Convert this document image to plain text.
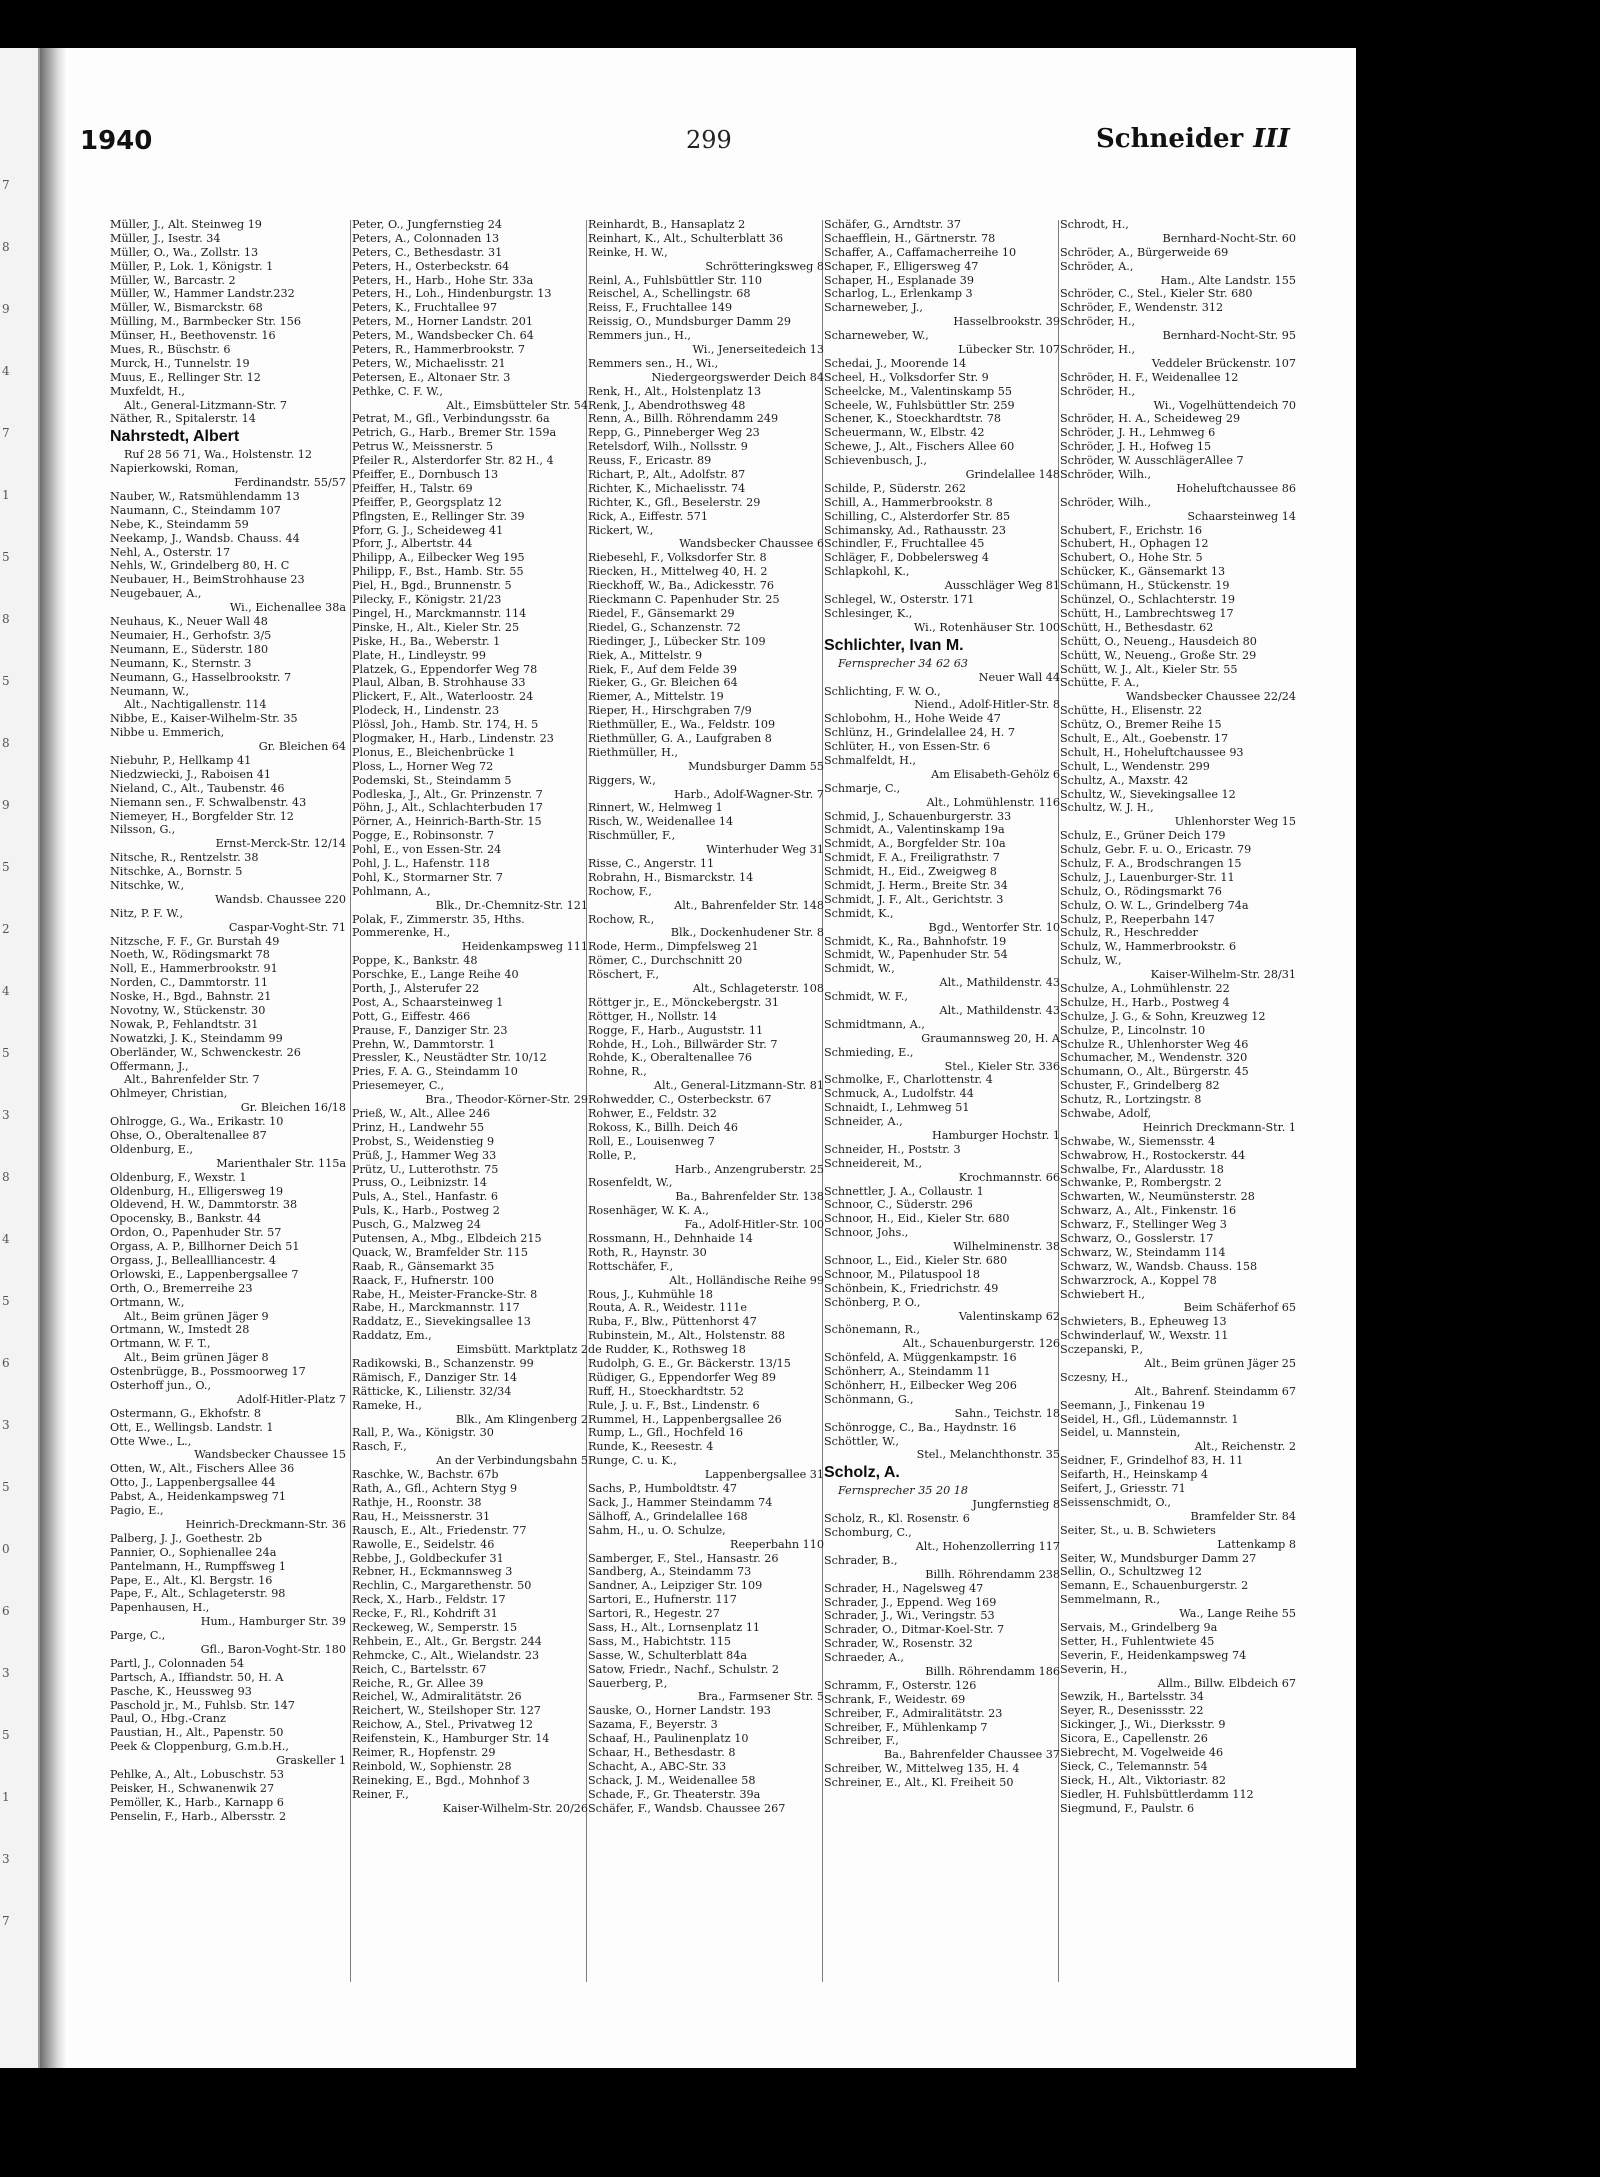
7
8
9
4
7
1
5
8
5
8
9
5
2
4
5
3
8
4
5
6
3
5
0
6
3
5
1
3
7
1940	299	Schneider III
Müller, J., Alt. Steinweg 19
Müller, J., Isestr. 34
Müller, O., Wa., Zollstr. 13
Müller, P., Lok. 1, Königstr. 1
Müller, W., Barcastr. 2
Müller, W., Hammer Landstr.232
Müller, W., Bismarckstr. 68
Mülling, M., Barmbecker Str. 156
Münser, H., Beethovenstr. 16
Mues, R., Büschstr. 6
Murck, H., Tunnelstr. 19
Muus, E., Rellinger Str. 12
Muxfeldt, H.,
Alt., General-Litzmann-Str. 7
Näther, R., Spitalerstr. 14
Nahrstedt, Albert
Ruf 28 56 71, Wa., Holstenstr. 12
Napierkowski, Roman,
Ferdinandstr. 55/57
Nauber, W., Ratsmühlendamm 13
Naumann, C., Steindamm 107
Nebe, K., Steindamm 59
Neekamp, J., Wandsb. Chauss. 44
Nehl, A., Osterstr. 17
Nehls, W., Grindelberg 80, H. C
Neubauer, H., BeimStrohhause 23
Neugebauer, A.,
Wi., Eichenallee 38a
Neuhaus, K., Neuer Wall 48
Neumaier, H., Gerhofstr. 3/5
Neumann, E., Süderstr. 180
Neumann, K., Sternstr. 3
Neumann, G., Hasselbrookstr. 7
Neumann, W.,
Alt., Nachtigallenstr. 114
Nibbe, E., Kaiser-Wilhelm-Str. 35
Nibbe u. Emmerich,
Gr. Bleichen 64
Niebuhr, P., Hellkamp 41
Niedzwiecki, J., Raboisen 41
Nieland, C., Alt., Taubenstr. 46
Niemann sen., F. Schwalbenstr. 43
Niemeyer, H., Borgfelder Str. 12
Nilsson, G.,
Ernst-Merck-Str. 12/14
Nitsche, R., Rentzelstr. 38
Nitschke, A., Bornstr. 5
Nitschke, W.,
Wandsb. Chaussee 220
Nitz, P. F. W.,
Caspar-Voght-Str. 71
Nitzsche, F. F., Gr. Burstah 49
Noeth, W., Rödingsmarkt 78
Noll, E., Hammerbrookstr. 91
Norden, C., Dammtorstr. 11
Noske, H., Bgd., Bahnstr. 21
Novotny, W., Stückenstr. 30
Nowak, P., Fehlandtstr. 31
Nowatzki, J. K., Steindamm 99
Oberländer, W., Schwenckestr. 26
Offermann, J.,
Alt., Bahrenfelder Str. 7
Ohlmeyer, Christian,
Gr. Bleichen 16/18
Ohlrogge, G., Wa., Erikastr. 10
Ohse, O., Oberaltenallee 87
Oldenburg, E.,
Marienthaler Str. 115a
Oldenburg, F., Wexstr. 1
Oldenburg, H., Elligersweg 19
Oldevend, H. W., Dammtorstr. 38
Opocensky, B., Bankstr. 44
Ordon, O., Papenhuder Str. 57
Orgass, A. P., Billhorner Deich 51
Orgass, J., Belleallliancestr. 4
Orlowski, E., Lappenbergsallee 7
Orth, O., Bremerreihe 23
Ortmann, W.,
Alt., Beim grünen Jäger 9
Ortmann, W., Imstedt 28
Ortmann, W. F. T.,
Alt., Beim grünen Jäger 8
Ostenbrügge, B., Possmoorweg 17
Osterhoff jun., O.,
Adolf-Hitler-Platz 7
Ostermann, G., Ekhofstr. 8
Ott, E., Wellingsb. Landstr. 1
Otte Wwe., L.,
Wandsbecker Chaussee 15
Otten, W., Alt., Fischers Allee 36
Otto, J., Lappenbergsallee 44
Pabst, A., Heidenkampsweg 71
Pagio, E.,
Heinrich-Dreckmann-Str. 36
Palberg, J. J., Goethestr. 2b
Pannier, O., Sophienallee 24a
Pantelmann, H., Rumpffsweg 1
Pape, E., Alt., Kl. Bergstr. 16
Pape, F., Alt., Schlageterstr. 98
Papenhausen, H.,
Hum., Hamburger Str. 39
Parge, C.,
Gfl., Baron-Voght-Str. 180
Partl, J., Colonnaden 54
Partsch, A., Iffiandstr. 50, H. A
Pasche, K., Heussweg 93
Paschold jr., M., Fuhlsb. Str. 147
Paul, O., Hbg.-Cranz
Paustian, H., Alt., Papenstr. 50
Peek & Cloppenburg, G.m.b.H.,
Graskeller 1
Pehlke, A., Alt., Lobuschstr. 53
Peisker, H., Schwanenwik 27
Pemöller, K., Harb., Karnapp 6
Penselin, F., Harb., Albersstr. 2
Peter, O., Jungfernstieg 24
Peters, A., Colonnaden 13
Peters, C., Bethesdastr. 31
Peters, H., Osterbeckstr. 64
Peters, H., Harb., Hohe Str. 33a
Peters, H., Loh., Hindenburgstr. 13
Peters, K., Fruchtallee 97
Peters, M., Horner Landstr. 201
Peters, M., Wandsbecker Ch. 64
Peters, R., Hammerbrookstr. 7
Peters, W., Michaelisstr. 21
Petersen, E., Altonaer Str. 3
Pethke, C. F. W.,
Alt., Eimsbütteler Str. 54
Petrat, M., Gfl., Verbindungsstr. 6a
Petrich, G., Harb., Bremer Str. 159a
Petrus W., Meissnerstr. 5
Pfeiler R., Alsterdorfer Str. 82 H., 4
Pfeiffer, E., Dornbusch 13
Pfeiffer, H., Talstr. 69
Pfeiffer, P., Georgsplatz 12
Pflngsten, E., Rellinger Str. 39
Pforr, G. J., Scheideweg 41
Pforr, J., Albertstr. 44
Philipp, A., Eilbecker Weg 195
Philipp, F., Bst., Hamb. Str. 55
Piel, H., Bgd., Brunnenstr. 5
Pilecky, F., Königstr. 21/23
Pingel, H., Marckmannstr. 114
Pinske, H., Alt., Kieler Str. 25
Piske, H., Ba., Weberstr. 1
Plate, H., Lindleystr. 99
Platzek, G., Eppendorfer Weg 78
Plaul, Alban, B. Strohhause 33
Plickert, F., Alt., Waterloostr. 24
Plodeck, H., Lindenstr. 23
Plössl, Joh., Hamb. Str. 174, H. 5
Plogmaker, H., Harb., Lindenstr. 23
Plonus, E., Bleichenbrücke 1
Ploss, L., Horner Weg 72
Podemski, St., Steindamm 5
Podleska, J., Alt., Gr. Prinzenstr. 7
Pöhn, J., Alt., Schlachterbuden 17
Pörner, A., Heinrich-Barth-Str. 15
Pogge, E., Robinsonstr. 7
Pohl, E., von Essen-Str. 24
Pohl, J. L., Hafenstr. 118
Pohl, K., Stormarner Str. 7
Pohlmann, A.,
Blk., Dr.-Chemnitz-Str. 121
Polak, F., Zimmerstr. 35, Hths.
Pommerenke, H.,
Heidenkampsweg 111
Poppe, K., Bankstr. 48
Porschke, E., Lange Reihe 40
Porth, J., Alsterufer 22
Post, A., Schaarsteinweg 1
Pott, G., Eiffestr. 466
Prause, F., Danziger Str. 23
Prehn, W., Dammtorstr. 1
Pressler, K., Neustädter Str. 10/12
Pries, F. A. G., Steindamm 10
Priesemeyer, C.,
Bra., Theodor-Körner-Str. 29
Prieß, W., Alt., Allee 246
Prinz, H., Landwehr 55
Probst, S., Weidenstieg 9
Prüß, J., Hammer Weg 33
Prütz, U., Lutterothstr. 75
Pruss, O., Leibnizstr. 14
Puls, A., Stel., Hanfastr. 6
Puls, K., Harb., Postweg 2
Pusch, G., Malzweg 24
Putensen, A., Mbg., Elbdeich 215
Quack, W., Bramfelder Str. 115
Raab, R., Gänsemarkt 35
Raack, F., Hufnerstr. 100
Rabe, H., Meister-Francke-Str. 8
Rabe, H., Marckmannstr. 117
Raddatz, E., Sievekingsallee 13
Raddatz, Em.,
Eimsbütt. Marktplatz 2
Radikowski, B., Schanzenstr. 99
Rämisch, F., Danziger Str. 14
Rätticke, K., Lilienstr. 32/34
Rameke, H.,
Blk., Am Klingenberg 2
Rall, P., Wa., Königstr. 30
Rasch, F.,
An der Verbindungsbahn 5
Raschke, W., Bachstr. 67b
Rath, A., Gfl., Achtern Styg 9
Rathje, H., Roonstr. 38
Rau, H., Meissnerstr. 31
Rausch, E., Alt., Friedenstr. 77
Rawolle, E., Seidelstr. 46
Rebbe, J., Goldbeckufer 31
Rebner, H., Eckmannsweg 3
Rechlin, C., Margarethenstr. 50
Reck, X., Harb., Feldstr. 17
Recke, F., Rl., Kohdrift 31
Reckeweg, W., Semperstr. 15
Rehbein, E., Alt., Gr. Bergstr. 244
Rehmcke, C., Alt., Wielandstr. 23
Reich, C., Bartelsstr. 67
Reiche, R., Gr. Allee 39
Reichel, W., Admiralitätstr. 26
Reichert, W., Steilshoper Str. 127
Reichow, A., Stel., Privatweg 12
Reifenstein, K., Hamburger Str. 14
Reimer, R., Hopfenstr. 29
Reinbold, W., Sophienstr. 28
Reineking, E., Bgd., Mohnhof 3
Reiner, F.,
Kaiser-Wilhelm-Str. 20/26
Reinhardt, B., Hansaplatz 2
Reinhart, K., Alt., Schulterblatt 36
Reinke, H. W.,
Schrötteringksweg 8
Reinl, A., Fuhlsbüttler Str. 110
Reischel, A., Schellingstr. 68
Reiss, F., Fruchtallee 149
Reissig, O., Mundsburger Damm 29
Remmers jun., H.,
Wi., Jenerseitedeich 13
Remmers sen., H., Wi.,
Niedergeorgswerder Deich 84
Renk, H., Alt., Holstenplatz 13
Renk, J., Abendrothsweg 48
Renn, A., Billh. Röhrendamm 249
Repp, G., Pinneberger Weg 23
Retelsdorf, Wilh., Nollsstr. 9
Reuss, F., Ericastr. 89
Richart, P., Alt., Adolfstr. 87
Richter, K., Michaelisstr. 74
Richter, K., Gfl., Beselerstr. 29
Rick, A., Eiffestr. 571
Rickert, W.,
Wandsbecker Chaussee 6
Riebesehl, F., Volksdorfer Str. 8
Riecken, H., Mittelweg 40, H. 2
Rieckhoff, W., Ba., Adickesstr. 76
Rieckmann C. Papenhuder Str. 25
Riedel, F., Gänsemarkt 29
Riedel, G., Schanzenstr. 72
Riedinger, J., Lübecker Str. 109
Riek, A., Mittelstr. 9
Riek, F., Auf dem Felde 39
Rieker, G., Gr. Bleichen 64
Riemer, A., Mittelstr. 19
Rieper, H., Hirschgraben 7/9
Riethmüller, E., Wa., Feldstr. 109
Riethmüller, G. A., Laufgraben 8
Riethmüller, H.,
Mundsburger Damm 55
Riggers, W.,
Harb., Adolf-Wagner-Str. 7
Rinnert, W., Helmweg 1
Risch, W., Weidenallee 14
Rischmüller, F.,
Winterhuder Weg 31
Risse, C., Angerstr. 11
Robrahn, H., Bismarckstr. 14
Rochow, F.,
Alt., Bahrenfelder Str. 148
Rochow, R.,
Blk., Dockenhudener Str. 8
Rode, Herm., Dimpfelsweg 21
Römer, C., Durchschnitt 20
Röschert, F.,
Alt., Schlageterstr. 108
Röttger jr., E., Mönckebergstr. 31
Röttger, H., Nollstr. 14
Rogge, F., Harb., Auguststr. 11
Rohde, H., Loh., Billwärder Str. 7
Rohde, K., Oberaltenallee 76
Rohne, R.,
Alt., General-Litzmann-Str. 81
Rohwedder, C., Osterbeckstr. 67
Rohwer, E., Feldstr. 32
Rokoss, K., Billh. Deich 46
Roll, E., Louisenweg 7
Rolle, P.,
Harb., Anzengruberstr. 25
Rosenfeldt, W.,
Ba., Bahrenfelder Str. 138
Rosenhäger, W. K. A.,
Fa., Adolf-Hitler-Str. 100
Rossmann, H., Dehnhaide 14
Roth, R., Haynstr. 30
Rottschäfer, F.,
Alt., Holländische Reihe 99
Rous, J., Kuhmühle 18
Routa, A. R., Weidestr. 111e
Ruba, F., Blw., Püttenhorst 47
Rubinstein, M., Alt., Holstenstr. 88
de Rudder, K., Rothsweg 18
Rudolph, G. E., Gr. Bäckerstr. 13/15
Rüdiger, G., Eppendorfer Weg 89
Ruff, H., Stoeckhardtstr. 52
Rule, J. u. F., Bst., Lindenstr. 6
Rummel, H., Lappenbergsallee 26
Rump, L., Gfl., Hochfeld 16
Runde, K., Reesestr. 4
Runge, C. u. K.,
Lappenbergsallee 31
Sachs, P., Humboldtstr. 47
Sack, J., Hammer Steindamm 74
Sälhoff, A., Grindelallee 168
Sahm, H., u. O. Schulze,
Reeperbahn 110
Samberger, F., Stel., Hansastr. 26
Sandberg, A., Steindamm 73
Sandner, A., Leipziger Str. 109
Sartori, E., Hufnerstr. 117
Sartori, R., Hegestr. 27
Sass, H., Alt., Lornsenplatz 11
Sass, M., Habichtstr. 115
Sasse, W., Schulterblatt 84a
Satow, Friedr., Nachf., Schulstr. 2
Sauerberg, P.,
Bra., Farmsener Str. 5
Sauske, O., Horner Landstr. 193
Sazama, F., Beyerstr. 3
Schaaf, H., Paulinenplatz 10
Schaar, H., Bethesdastr. 8
Schacht, A., ABC-Str. 33
Schack, J. M., Weidenallee 58
Schade, F., Gr. Theaterstr. 39a
Schäfer, F., Wandsb. Chaussee 267
Schäfer, G., Arndtstr. 37
Schaefflein, H., Gärtnerstr. 78
Schaffer, A., Caffamacherreihe 10
Schaper, F., Elligersweg 47
Schaper, H., Esplanade 39
Scharlog, L., Erlenkamp 3
Scharneweber, J.,
Hasselbrookstr. 39
Scharneweber, W.,
Lübecker Str. 107
Schedai, J., Moorende 14
Scheel, H., Volksdorfer Str. 9
Scheelcke, M., Valentinskamp 55
Scheele, W., Fuhlsbüttler Str. 259
Schener, K., Stoeckhardtstr. 78
Scheuermann, W., Elbstr. 42
Schewe, J., Alt., Fischers Allee 60
Schievenbusch, J.,
Grindelallee 148
Schilde, P., Süderstr. 262
Schill, A., Hammerbrookstr. 8
Schilling, C., Alsterdorfer Str. 85
Schimansky, Ad., Rathausstr. 23
Schindler, F., Fruchtallee 45
Schläger, F., Dobbelersweg 4
Schlapkohl, K.,
Ausschläger Weg 81
Schlegel, W., Osterstr. 171
Schlesinger, K.,
Wi., Rotenhäuser Str. 100
Schlichter, Ivan M.
Fernsprecher 34 62 63
Neuer Wall 44
Schlichting, F. W. O.,
Niend., Adolf-Hitler-Str. 8
Schlobohm, H., Hohe Weide 47
Schlünz, H., Grindelallee 24, H. 7
Schlüter, H., von Essen-Str. 6
Schmalfeldt, H.,
Am Elisabeth-Gehölz 6
Schmarje, C.,
Alt., Lohmühlenstr. 116
Schmid, J., Schauenburgerstr. 33
Schmidt, A., Valentinskamp 19a
Schmidt, A., Borgfelder Str. 10a
Schmidt, F. A., Freiligrathstr. 7
Schmidt, H., Eid., Zweigweg 8
Schmidt, J. Herm., Breite Str. 34
Schmidt, J. F., Alt., Gerichtstr. 3
Schmidt, K.,
Bgd., Wentorfer Str. 10
Schmidt, K., Ra., Bahnhofstr. 19
Schmidt, W., Papenhuder Str. 54
Schmidt, W.,
Alt., Mathildenstr. 43
Schmidt, W. F.,
Alt., Mathildenstr. 43
Schmidtmann, A.,
Graumannsweg 20, H. A
Schmieding, E.,
Stel., Kieler Str. 336
Schmolke, F., Charlottenstr. 4
Schmuck, A., Ludolfstr. 44
Schnaidt, I., Lehmweg 51
Schneider, A.,
Hamburger Hochstr. 1
Schneider, H., Poststr. 3
Schneidereit, M.,
Krochmannstr. 66
Schnettler, J. A., Collaustr. 1
Schnoor, C., Süderstr. 296
Schnoor, H., Eid., Kieler Str. 680
Schnoor, Johs.,
Wilhelminenstr. 38
Schnoor, L., Eid., Kieler Str. 680
Schnoor, M., Pilatuspool 18
Schönbein, K., Friedrichstr. 49
Schönberg, P. O.,
Valentinskamp 62
Schönemann, R.,
Alt., Schauenburgerstr. 126
Schönfeld, A. Müggenkampstr. 16
Schönherr, A., Steindamm 11
Schönherr, H., Eilbecker Weg 206
Schönmann, G.,
Sahn., Teichstr. 18
Schönrogge, C., Ba., Haydnstr. 16
Schöttler, W.,
Stel., Melanchthonstr. 35
Scholz, A.
Fernsprecher 35 20 18
Jungfernstieg 8
Scholz, R., Kl. Rosenstr. 6
Schomburg, C.,
Alt., Hohenzollerring 117
Schrader, B.,
Billh. Röhrendamm 238
Schrader, H., Nagelsweg 47
Schrader, J., Eppend. Weg 169
Schrader, J., Wi., Veringstr. 53
Schrader, O., Ditmar-Koel-Str. 7
Schrader, W., Rosenstr. 32
Schraeder, A.,
Billh. Röhrendamm 186
Schramm, F., Osterstr. 126
Schrank, F., Weidestr. 69
Schreiber, F., Admiralitätstr. 23
Schreiber, F., Mühlenkamp 7
Schreiber, F.,
Ba., Bahrenfelder Chaussee 37
Schreiber, W., Mittelweg 135, H. 4
Schreiner, E., Alt., Kl. Freiheit 50
Schrodt, H.,
Bernhard-Nocht-Str. 60
Schröder, A., Bürgerweide 69
Schröder, A.,
Ham., Alte Landstr. 155
Schröder, C., Stel., Kieler Str. 680
Schröder, F., Wendenstr. 312
Schröder, H.,
Bernhard-Nocht-Str. 95
Schröder, H.,
Veddeler Brückenstr. 107
Schröder, H. F., Weidenallee 12
Schröder, H.,
Wi., Vogelhüttendeich 70
Schröder, H. A., Scheideweg 29
Schröder, J. H., Lehmweg 6
Schröder, J. H., Hofweg 15
Schröder, W. AusschlägerAllee 7
Schröder, Wilh.,
Hoheluftchaussee 86
Schröder, Wilh.,
Schaarsteinweg 14
Schubert, F., Erichstr. 16
Schubert, H., Ophagen 12
Schubert, O., Hohe Str. 5
Schücker, K., Gänsemarkt 13
Schümann, H., Stückenstr. 19
Schünzel, O., Schlachterstr. 19
Schütt, H., Lambrechtsweg 17
Schütt, H., Bethesdastr. 62
Schütt, O., Neueng., Hausdeich 80
Schütt, W., Neueng., Große Str. 29
Schütt, W. J., Alt., Kieler Str. 55
Schütte, F. A.,
Wandsbecker Chaussee 22/24
Schütte, H., Elisenstr. 22
Schütz, O., Bremer Reihe 15
Schult, E., Alt., Goebenstr. 17
Schult, H., Hoheluftchaussee 93
Schult, L., Wendenstr. 299
Schultz, A., Maxstr. 42
Schultz, W., Sievekingsallee 12
Schultz, W. J. H.,
Uhlenhorster Weg 15
Schulz, E., Grüner Deich 179
Schulz, Gebr. F. u. O., Ericastr. 79
Schulz, F. A., Brodschrangen 15
Schulz, J., Lauenburger-Str. 11
Schulz, O., Rödingsmarkt 76
Schulz, O. W. L., Grindelberg 74a
Schulz, P., Reeperbahn 147
Schulz, R., Heschredder
Schulz, W., Hammerbrookstr. 6
Schulz, W.,
Kaiser-Wilhelm-Str. 28/31
Schulze, A., Lohmühlenstr. 22
Schulze, H., Harb., Postweg 4
Schulze, J. G., & Sohn, Kreuzweg 12
Schulze, P., Lincolnstr. 10
Schulze R., Uhlenhorster Weg 46
Schumacher, M., Wendenstr. 320
Schumann, O., Alt., Bürgerstr. 45
Schuster, F., Grindelberg 82
Schutz, R., Lortzingstr. 8
Schwabe, Adolf,
Heinrich Dreckmann-Str. 1
Schwabe, W., Siemensstr. 4
Schwabrow, H., Rostockerstr. 44
Schwalbe, Fr., Alardusstr. 18
Schwanke, P., Rombergstr. 2
Schwarten, W., Neumünsterstr. 28
Schwarz, A., Alt., Finkenstr. 16
Schwarz, F., Stellinger Weg 3
Schwarz, O., Gosslerstr. 17
Schwarz, W., Steindamm 114
Schwarz, W., Wandsb. Chauss. 158
Schwarzrock, A., Koppel 78
Schwiebert H.,
Beim Schäferhof 65
Schwieters, B., Epheuweg 13
Schwinderlauf, W., Wexstr. 11
Sczepanski, P.,
Alt., Beim grünen Jäger 25
Sczesny, H.,
Alt., Bahrenf. Steindamm 67
Seemann, J., Finkenau 19
Seidel, H., Gfl., Lüdemannstr. 1
Seidel, u. Mannstein,
Alt., Reichenstr. 2
Seidner, F., Grindelhof 83, H. 11
Seifarth, H., Heinskamp 4
Seifert, J., Griesstr. 71
Seissenschmidt, O.,
Bramfelder Str. 84
Seiter, St., u. B. Schwieters
Lattenkamp 8
Seiter, W., Mundsburger Damm 27
Sellin, O., Schultzweg 12
Semann, E., Schauenburgerstr. 2
Semmelmann, R.,
Wa., Lange Reihe 55
Servais, M., Grindelberg 9a
Setter, H., Fuhlentwiete 45
Severin, F., Heidenkampsweg 74
Severin, H.,
Allm., Billw. Elbdeich 67
Sewzik, H., Bartelsstr. 34
Seyer, R., Desenissstr. 22
Sickinger, J., Wi., Dierksstr. 9
Sicora, E., Capellenstr. 26
Siebrecht, M. Vogelweide 46
Sieck, C., Telemannstr. 54
Sieck, H., Alt., Viktoriastr. 82
Siedler, H. Fuhlsbüttlerdamm 112
Siegmund, F., Paulstr. 6
